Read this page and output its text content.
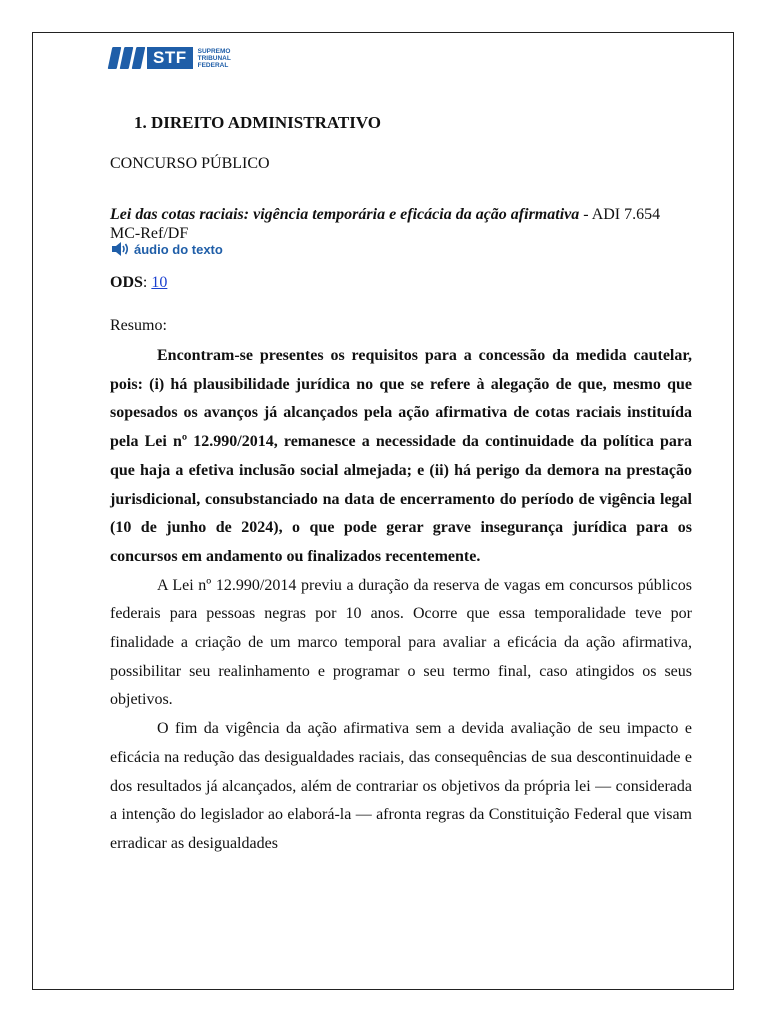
STF	SUPREMO
TRIBUNAL
FEDERAL
1. DIREITO ADMINISTRATIVO
CONCURSO PÚBLICO
Lei das cotas raciais: vigência temporária e eficácia da ação afirmativa - ADI 7.654 MC-Ref/DF
áudio do texto
ODS: 10
Resumo:

Encontram-se presentes os requisitos para a concessão da medida cautelar, pois: (i) há plausibilidade jurídica no que se refere à alegação de que, mesmo que sopesados os avanços já alcançados pela ação afirmativa de cotas raciais instituída pela Lei nº 12.990/2014, remanesce a necessidade da continuidade da política para que haja a efetiva inclusão social almejada; e (ii) há perigo da demora na prestação jurisdicional, consubstanciado na data de encerramento do período de vigência legal (10 de junho de 2024), o que pode gerar grave insegurança jurídica para os concursos em andamento ou finalizados recentemente.

A Lei nº 12.990/2014 previu a duração da reserva de vagas em concursos públicos federais para pessoas negras por 10 anos. Ocorre que essa temporalidade teve por finalidade a criação de um marco temporal para avaliar a eficácia da ação afirmativa, possibilitar seu realinhamento e programar o seu termo final, caso atingidos os seus objetivos.

O fim da vigência da ação afirmativa sem a devida avaliação de seu impacto e eficácia na redução das desigualdades raciais, das consequências de sua descontinuidade e dos resultados já alcançados, além de contrariar os objetivos da própria lei — considerada a intenção do legislador ao elaborá-la — afronta regras da Constituição Federal que visam erradicar as desigualdades
